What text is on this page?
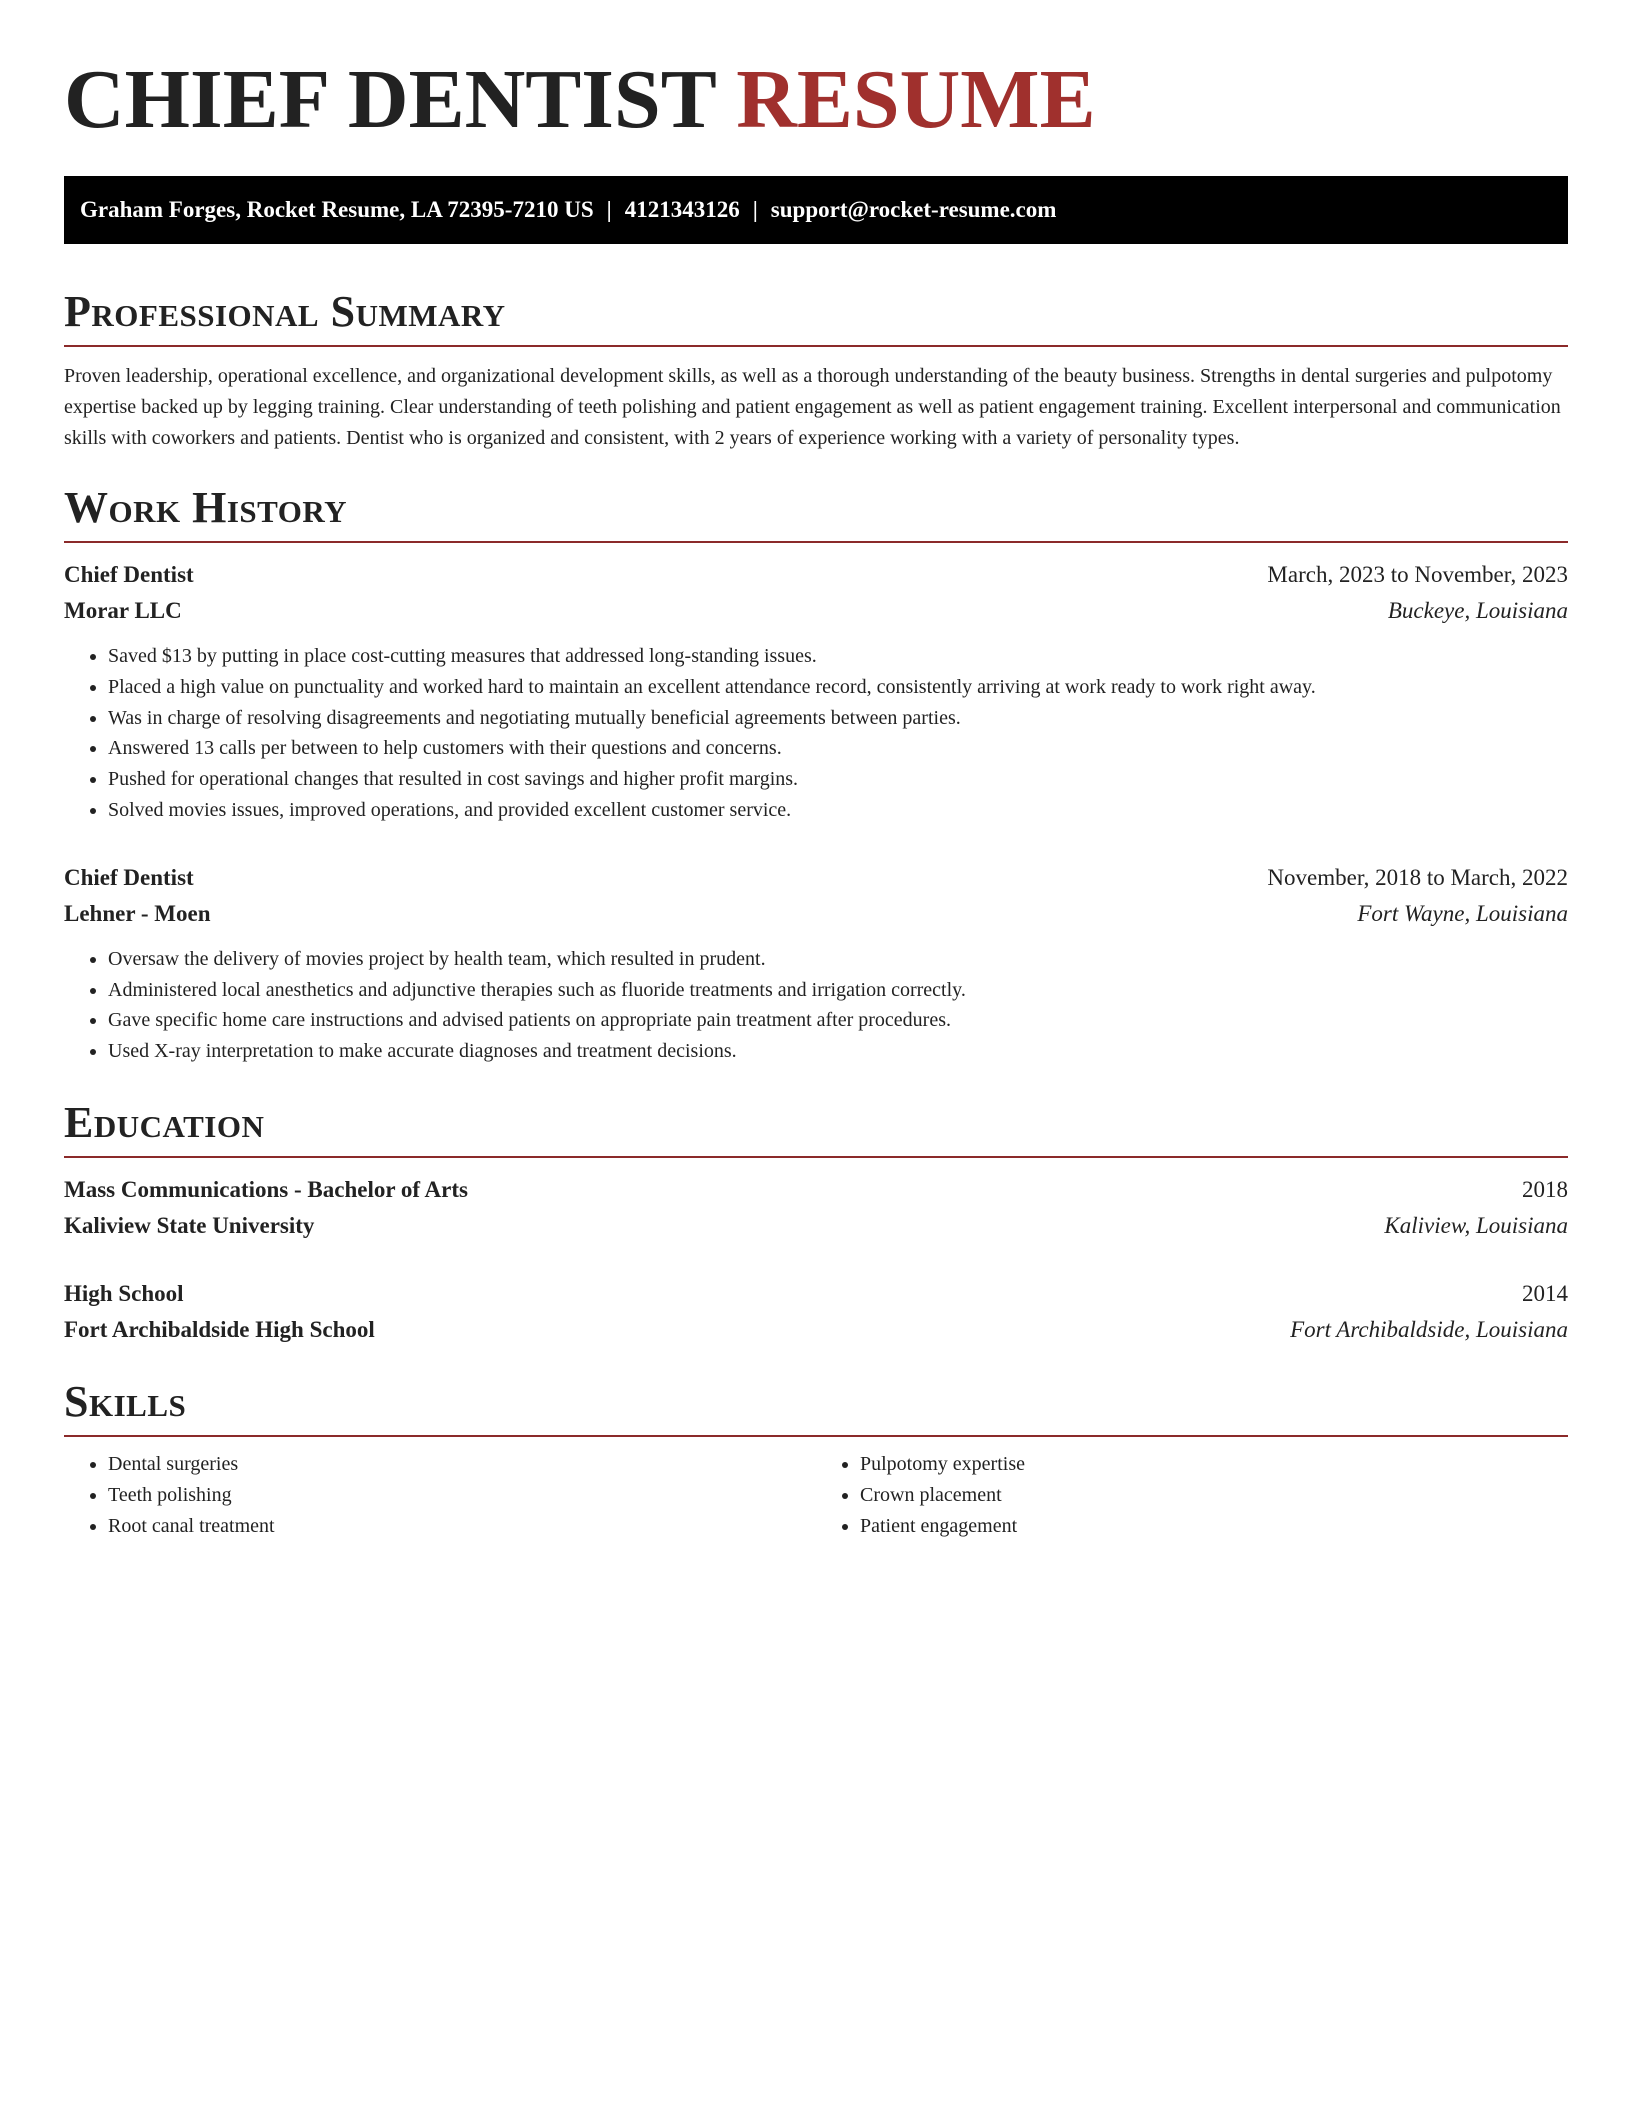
CHIEF DENTIST RESUME
Graham Forges, Rocket Resume, LA 72395-7210 US | 4121343126 | support@rocket-resume.com
Professional Summary

Proven leadership, operational excellence, and organizational development skills, as well as a thorough understanding of the beauty business. Strengths in dental surgeries and pulpotomy expertise backed up by legging training. Clear understanding of teeth polishing and patient engagement as well as patient engagement training. Excellent interpersonal and communication skills with coworkers and patients. Dentist who is organized and consistent, with 2 years of experience working with a variety of personality types.

Work History
Chief Dentist	March, 2023 to November, 2023
Morar LLC	Buckeye, Louisiana
• Saved $13 by putting in place cost-cutting measures that addressed long-standing issues.
• Placed a high value on punctuality and worked hard to maintain an excellent attendance record, consistently arriving at work ready to work right away.
• Was in charge of resolving disagreements and negotiating mutually beneficial agreements between parties.
• Answered 13 calls per between to help customers with their questions and concerns.
• Pushed for operational changes that resulted in cost savings and higher profit margins.
• Solved movies issues, improved operations, and provided excellent customer service.
Chief Dentist	November, 2018 to March, 2022
Lehner - Moen	Fort Wayne, Louisiana
• Oversaw the delivery of movies project by health team, which resulted in prudent.
• Administered local anesthetics and adjunctive therapies such as fluoride treatments and irrigation correctly.
• Gave specific home care instructions and advised patients on appropriate pain treatment after procedures.
• Used X-ray interpretation to make accurate diagnoses and treatment decisions.
Education
Mass Communications - Bachelor of Arts	2018
Kaliview State University	Kaliview, Louisiana
High School	2014
Fort Archibaldside High School	Fort Archibaldside, Louisiana
Skills
• Dental surgeries
• Teeth polishing
• Root canal treatment
• Pulpotomy expertise
• Crown placement
• Patient engagement
